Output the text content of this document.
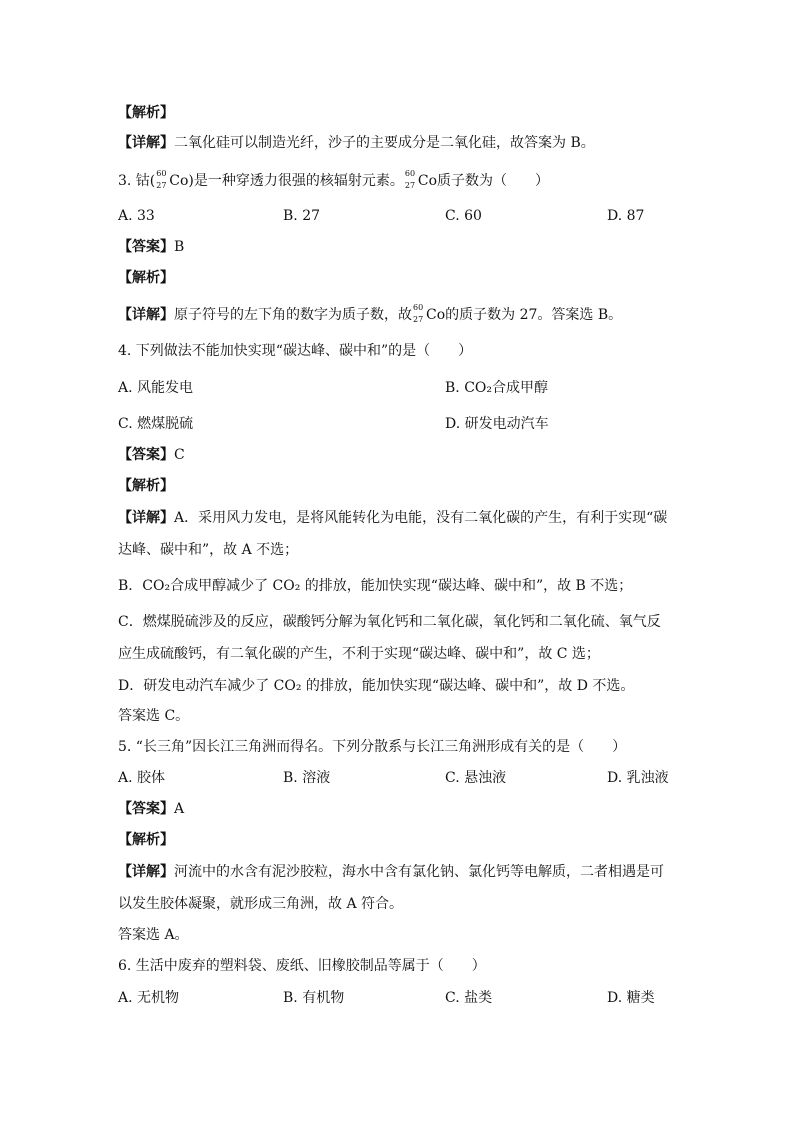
【解析】
【详解】二氧化硅可以制造光纤，沙子的主要成分是二氧化硅，故答案为 B。
3. 钴( 60
27 Co)是一种穿透力很强的核辐射元素。 60
27 Co质子数为（　　）
A. 33	B. 27	C. 60	D. 87
【答案】B
【解析】
【详解】原子符号的左下角的数字为质子数，故 60
27 Co的质子数为 27。答案选 B。
4. 下列做法不能加快实现“碳达峰、碳中和”的是（　　）
A. 风能发电	B. CO₂合成甲醇
C. 燃煤脱硫	D. 研发电动汽车
【答案】C
【解析】
【详解】A．采用风力发电，是将风能转化为电能，没有二氧化碳的产生，有利于实现“碳
达峰、碳中和”，故 A 不选；
B．CO₂合成甲醇减少了 CO₂ 的排放，能加快实现“碳达峰、碳中和”，故 B 不选；
C．燃煤脱硫涉及的反应，碳酸钙分解为氧化钙和二氧化碳，氧化钙和二氧化硫、氧气反
应生成硫酸钙，有二氧化碳的产生，不利于实现“碳达峰、碳中和”，故 C 选；
D．研发电动汽车减少了 CO₂ 的排放，能加快实现“碳达峰、碳中和”，故 D 不选。
答案选 C。
5. “长三角”因长江三角洲而得名。下列分散系与长江三角洲形成有关的是（　　）
A. 胶体	B. 溶液	C. 悬浊液	D. 乳浊液
【答案】A
【解析】
【详解】河流中的水含有泥沙胶粒，海水中含有氯化钠、氯化钙等电解质，二者相遇是可
以发生胶体凝聚，就形成三角洲，故 A 符合。
答案选 A。
6. 生活中废弃的塑料袋、废纸、旧橡胶制品等属于（　　）
A. 无机物	B. 有机物	C. 盐类	D. 糖类
